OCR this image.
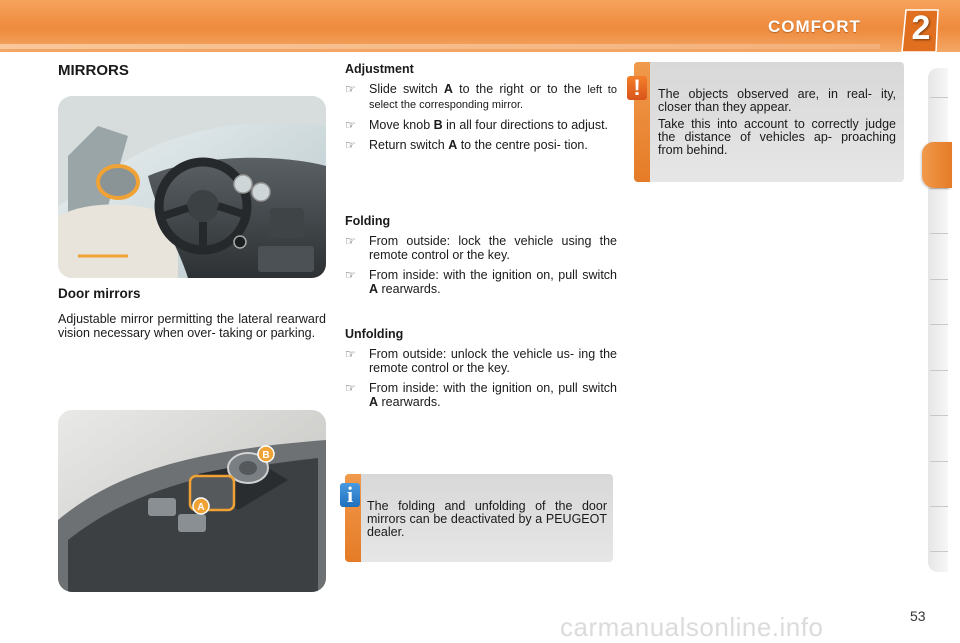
COMFORT 2
MIRRORS
Door mirrors
Adjustable mirror permitting the lateral rearward vision necessary when over- taking or parking.
B
A
Adjustment
☞ Slide switch A to the right or to the left to select the corresponding mirror.
☞ Move knob B in all four directions to adjust.
☞ Return switch A to the centre posi- tion.
Folding
☞ From outside: lock the vehicle using the remote control or the key.
☞ From inside: with the ignition on, pull switch A rearwards.
Unfolding
☞ From outside: unlock the vehicle us- ing the remote control or the key.
☞ From inside: with the ignition on, pull switch A rearwards.
The objects observed are, in real- ity, closer than they appear.
Take this into account to correctly judge the distance of vehicles ap- proaching from behind.
!
The folding and unfolding of the door mirrors can be deactivated by a PEUGEOT dealer.
i
carmanualsonline.info	53
